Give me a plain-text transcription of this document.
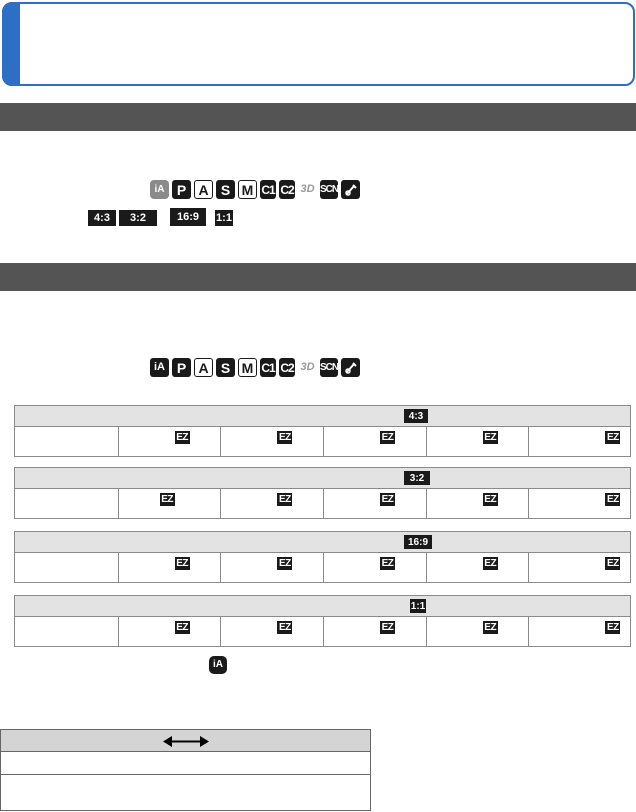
iA P A S M C1 C2 3D SCN
4:3	3:2	16:9	1:1
iA P A S M C1 C2 3D SCN
4:3
EZ	EZ	EZ	EZ	EZ
3:2
EZ	EZ	EZ	EZ	EZ
16:9
EZ	EZ	EZ	EZ	EZ
1:1
EZ	EZ	EZ	EZ	EZ
iA
